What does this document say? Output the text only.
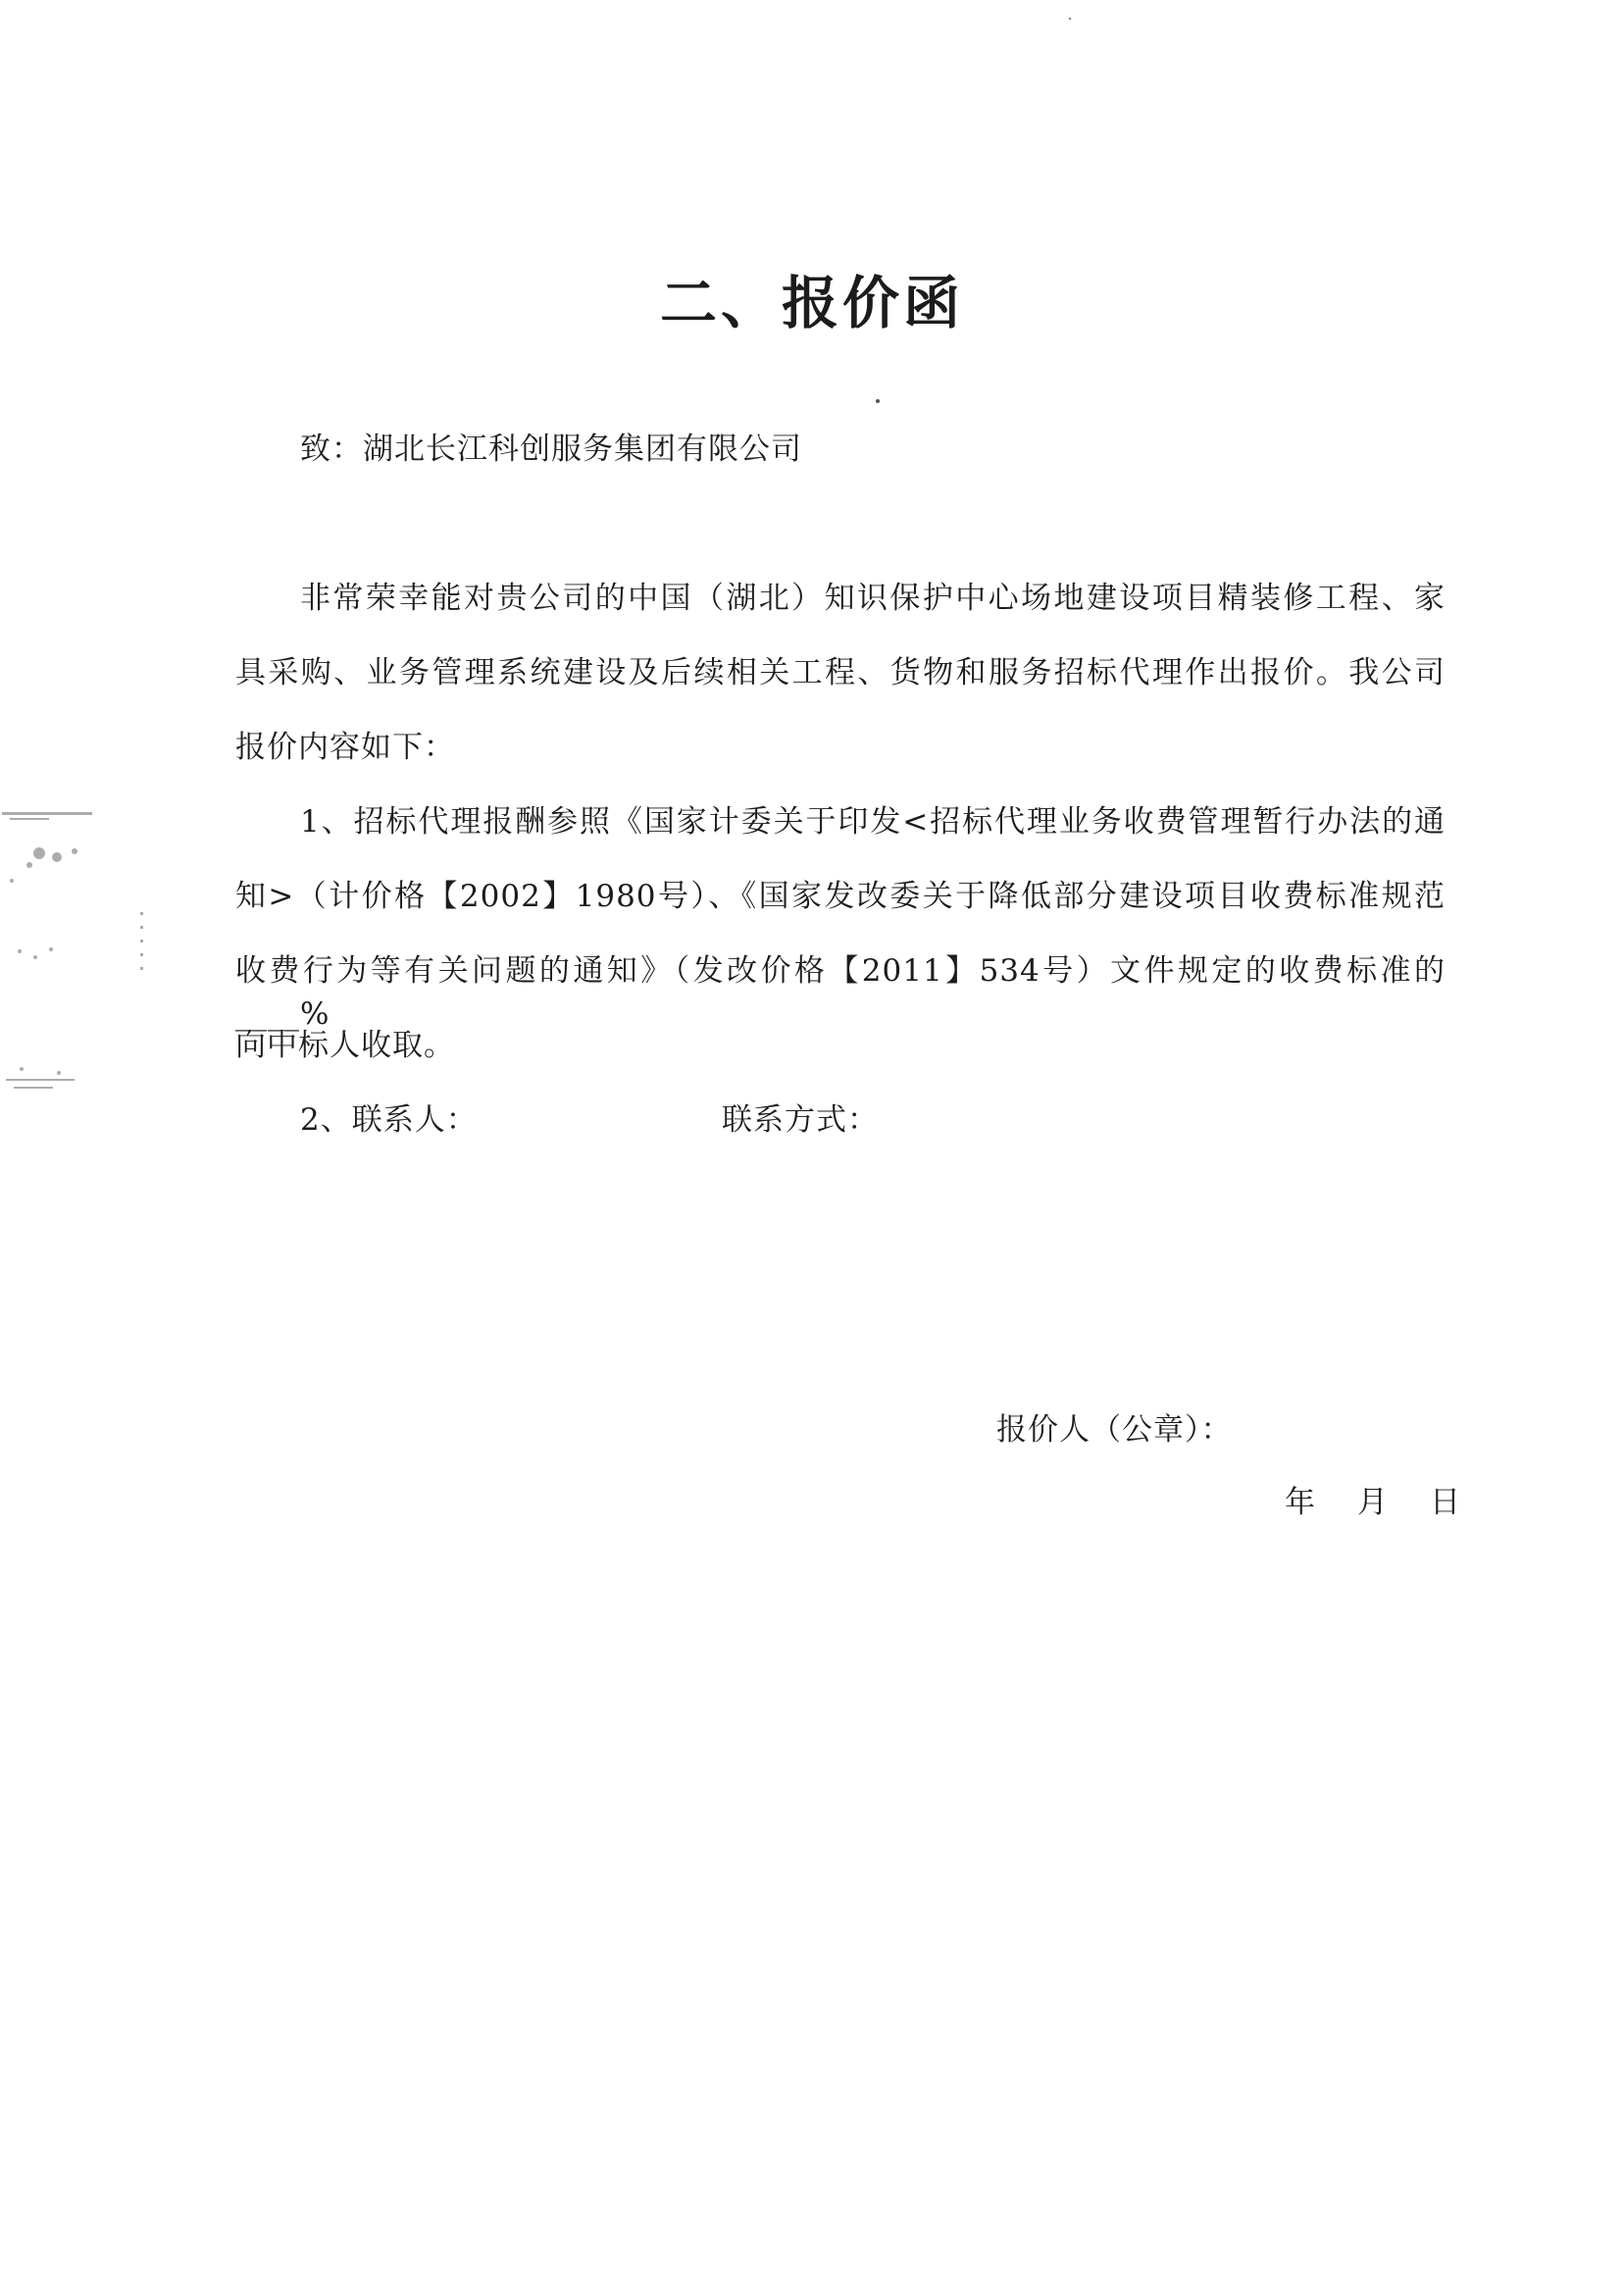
二、报价函
致：湖北长江科创服务集团有限公司
非常荣幸能对贵公司的中国（湖北）知识保护中心场地建设项目精装修工程、家
具采购、业务管理系统建设及后续相关工程、货物和服务招标代理作出报价。我公司
报价内容如下：
1、招标代理报酬参照《国家计委关于印发<招标代理业务收费管理暂行办法的通
知>（计价格【2002】1980号）、《国家发改委关于降低部分建设项目收费标准规范
收费行为等有关问题的通知》（发改价格【2011】534号）文件规定的收费标准的____%
向中标人收取。
2、联系人：	联系方式：
报价人（公章）：
年　月　日
